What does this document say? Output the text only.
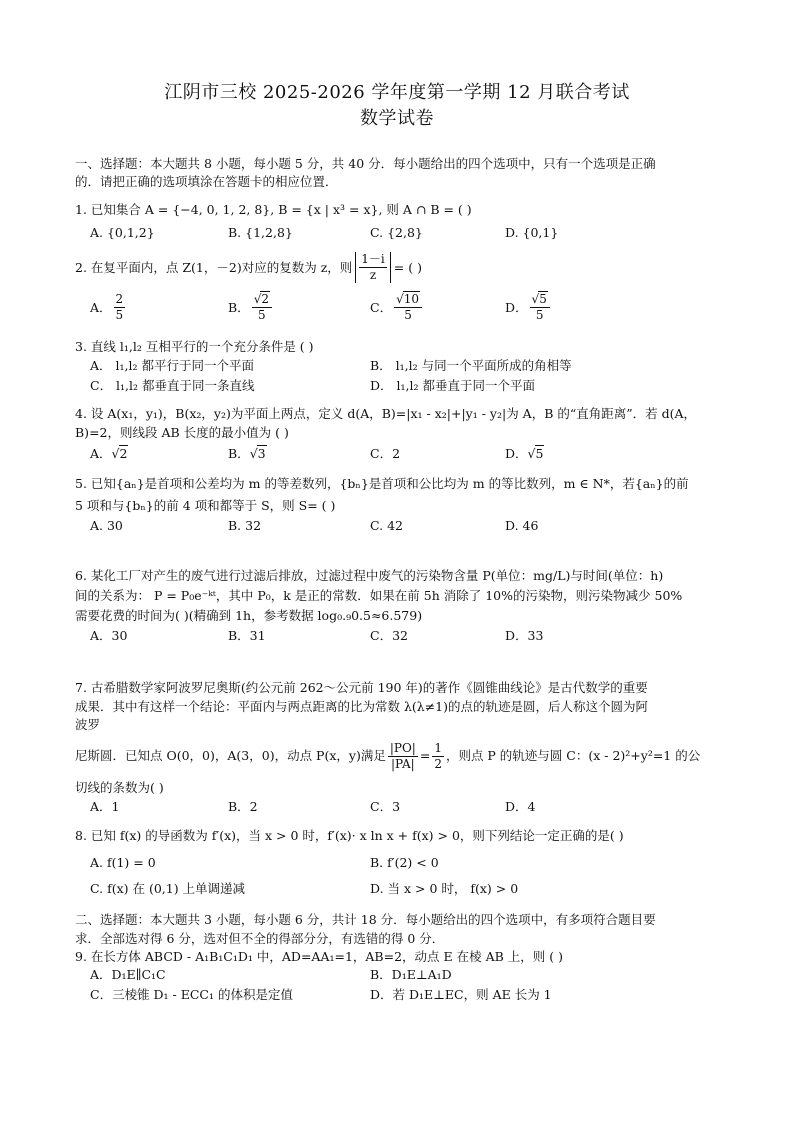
江阴市三校 2025-2026 学年度第一学期 12 月联合考试
数学试卷
一、选择题：本大题共 8 小题，每小题 5 分，共 40 分．每小题给出的四个选项中，只有一个选项是正确
的．请把正确的选项填涂在答题卡的相应位置．
1. 已知集合 A = {−4, 0, 1, 2, 8}, B = {x | x³ = x}, 则 A ∩ B = ( )
A. {0,1,2}	B. {1,2,8}	C. {2,8}	D. {0,1}
2. 在复平面内，点 Z(1，－2)对应的复数为 z，则 $\frac{1-i}{z}$ = ( )
A． $\frac{2}{5}$	B． $\frac{√2}{5}$	C． $\frac{√10}{5}$	D． $\frac{√5}{5}$
3. 直线 l₁,l₂ 互相平行的一个充分条件是 ( )
A． l₁,l₂ 都平行于同一个平面	B． l₁,l₂ 与同一个平面所成的角相等
C． l₁,l₂ 都垂直于同一条直线	D． l₁,l₂ 都垂直于同一个平面
4. 设 A(x₁，y₁)，B(x₂，y₂)为平面上两点，定义 d(A，B)=|x₁ - x₂|+|y₁ - y₂|为 A，B 的“直角距离”．若 d(A，
B)=2，则线段 AB 长度的最小值为 ( )
A．√2	B．√3	C．2	D．√5
5. 已知{aₙ}是首项和公差均为 m 的等差数列，{bₙ}是首项和公比均为 m 的等比数列，m ∈ N*，若{aₙ}的前
5 项和与{bₙ}的前 4 项和都等于 S，则 S= ( )
A. 30	B. 32	C. 42	D. 46
6. 某化工厂对产生的废气进行过滤后排放，过滤过程中废气的污染物含量 P(单位：mg/L)与时间(单位：h)
间的关系为： P = P₀e⁻ᵏᵗ，其中 P₀，k 是正的常数．如果在前 5h 消除了 10%的污染物，则污染物减少 50%
需要花费的时间为( )(精确到 1h，参考数据 log₀.₉0.5≈6.579)
A．30	B．31	C．32	D．33
7. 古希腊数学家阿波罗尼奥斯(约公元前 262～公元前 190 年)的著作《圆锥曲线论》是古代数学的重要
成果．其中有这样一个结论：平面内与两点距离的比为常数 λ(λ≠1)的点的轨迹是圆，后人称这个圆为阿
波罗
尼斯圆．已知点 O(0，0)，A(3，0)，动点 P(x，y)满足 $\frac{|PO|}{|PA|} = \frac{1}{2}$ ，则点 P 的轨迹与圆 C：(x - 2)²+y²=1 的公
切线的条数为( )
A．1	B．2	C．3	D．4
8. 已知 f(x) 的导函数为 f′(x)，当 x > 0 时，f′(x)· x ln x + f(x) > 0，则下列结论一定正确的是( )
A. f(1) = 0	B. f′(2) < 0
C. f(x) 在 (0,1) 上单调递减	D. 当 x > 0 时， f(x) > 0
二、选择题：本大题共 3 小题，每小题 6 分，共计 18 分．每小题给出的四个选项中，有多项符合题目要
求．全部选对得 6 分，选对但不全的得部分分，有选错的得 0 分．
9. 在长方体 ABCD - A₁B₁C₁D₁ 中，AD=AA₁=1，AB=2，动点 E 在棱 AB 上，则 ( )
A．D₁E∥C₁C	B．D₁E⊥A₁D
C．三棱锥 D₁ - ECC₁ 的体积是定值	D．若 D₁E⊥EC，则 AE 长为 1
